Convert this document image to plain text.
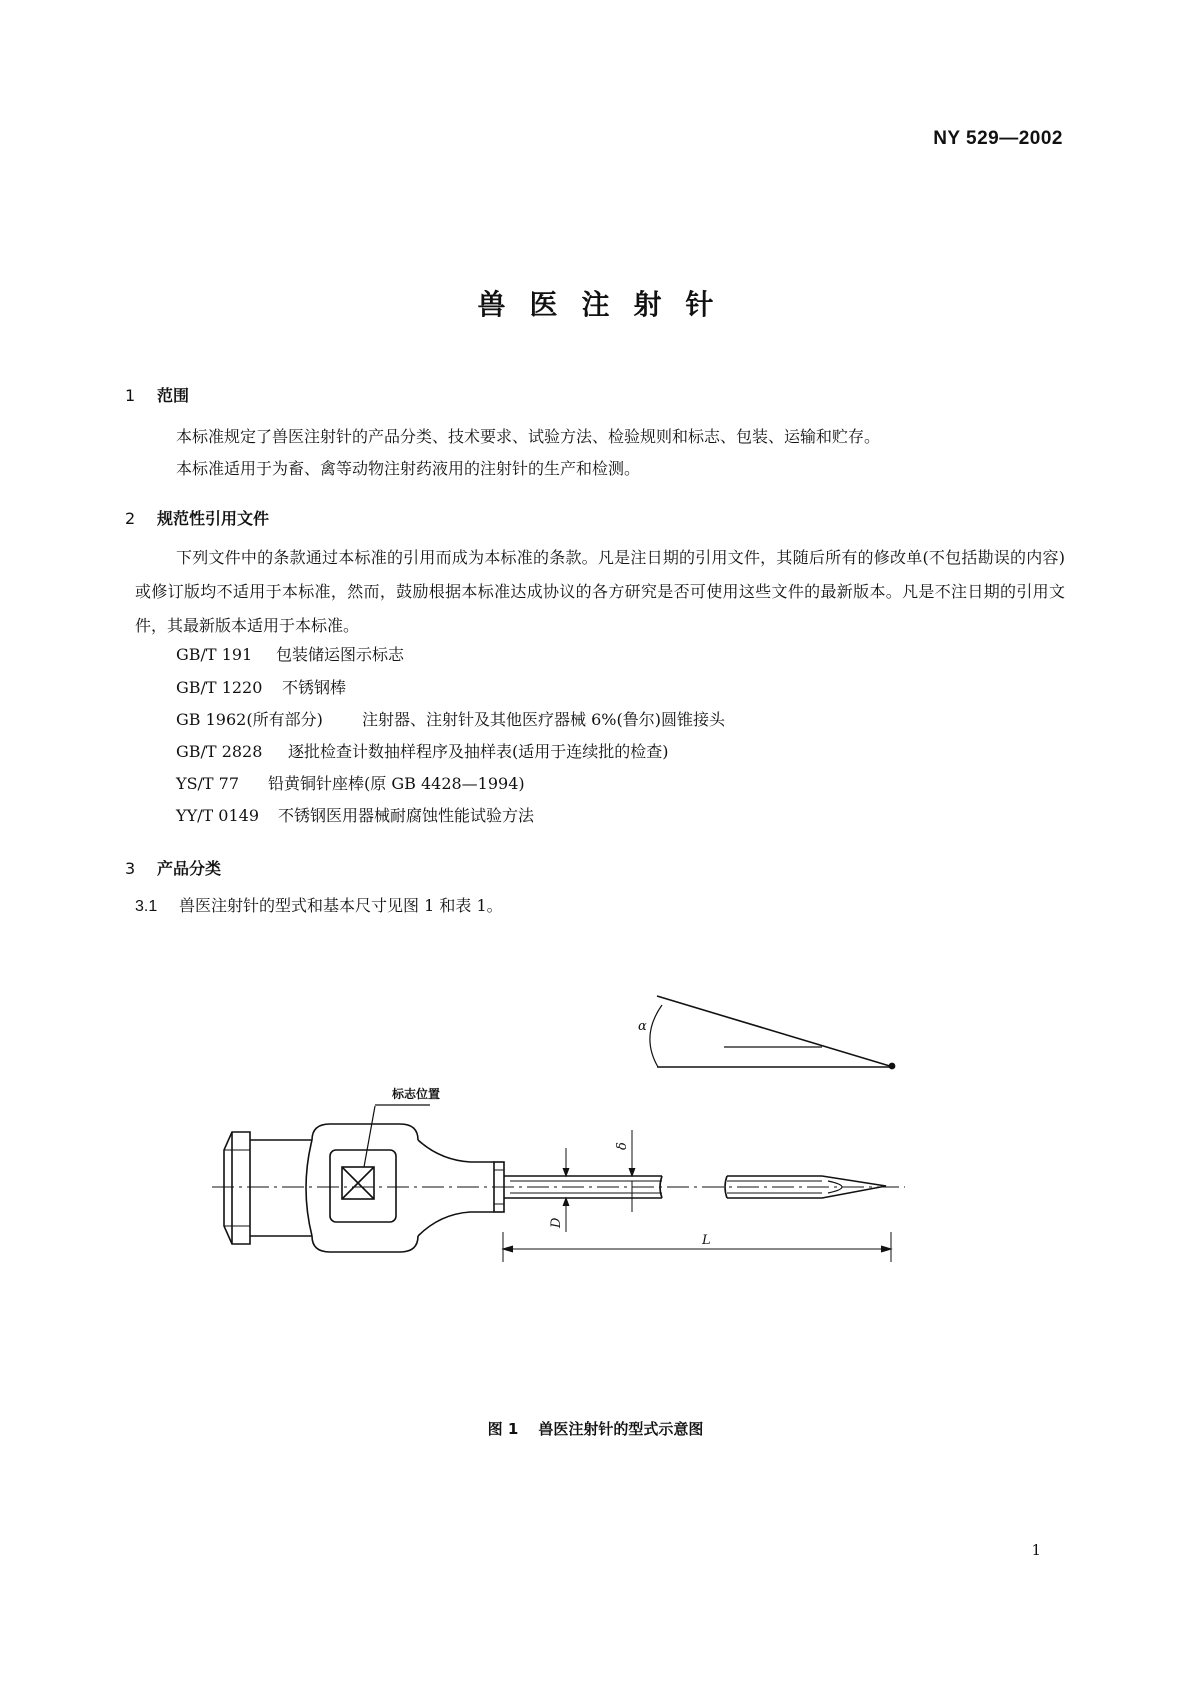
NY 529—2002
兽医注射针
1 范围
本标准规定了兽医注射针的产品分类、技术要求、试验方法、检验规则和标志、包装、运输和贮存。
本标准适用于为畜、禽等动物注射药液用的注射针的生产和检测。
2 规范性引用文件
下列文件中的条款通过本标准的引用而成为本标准的条款。凡是注日期的引用文件，其随后所有的修改单(不包括勘误的内容)或修订版均不适用于本标准，然而，鼓励根据本标准达成协议的各方研究是否可使用这些文件的最新版本。凡是不注日期的引用文件，其最新版本适用于本标准。
GB/T 191 包装储运图示标志
GB/T 1220 不锈钢棒
GB 1962(所有部分) 注射器、注射针及其他医疗器械 6%(鲁尔)圆锥接头
GB/T 2828 逐批检查计数抽样程序及抽样表(适用于连续批的检查)
YS/T 77 铅黄铜针座棒(原 GB 4428—1994)
YY/T 0149 不锈钢医用器械耐腐蚀性能试验方法
3 产品分类
3.1 兽医注射针的型式和基本尺寸见图 1 和表 1。
标志位置
α
δ
D
L
图 1 兽医注射针的型式示意图
1
